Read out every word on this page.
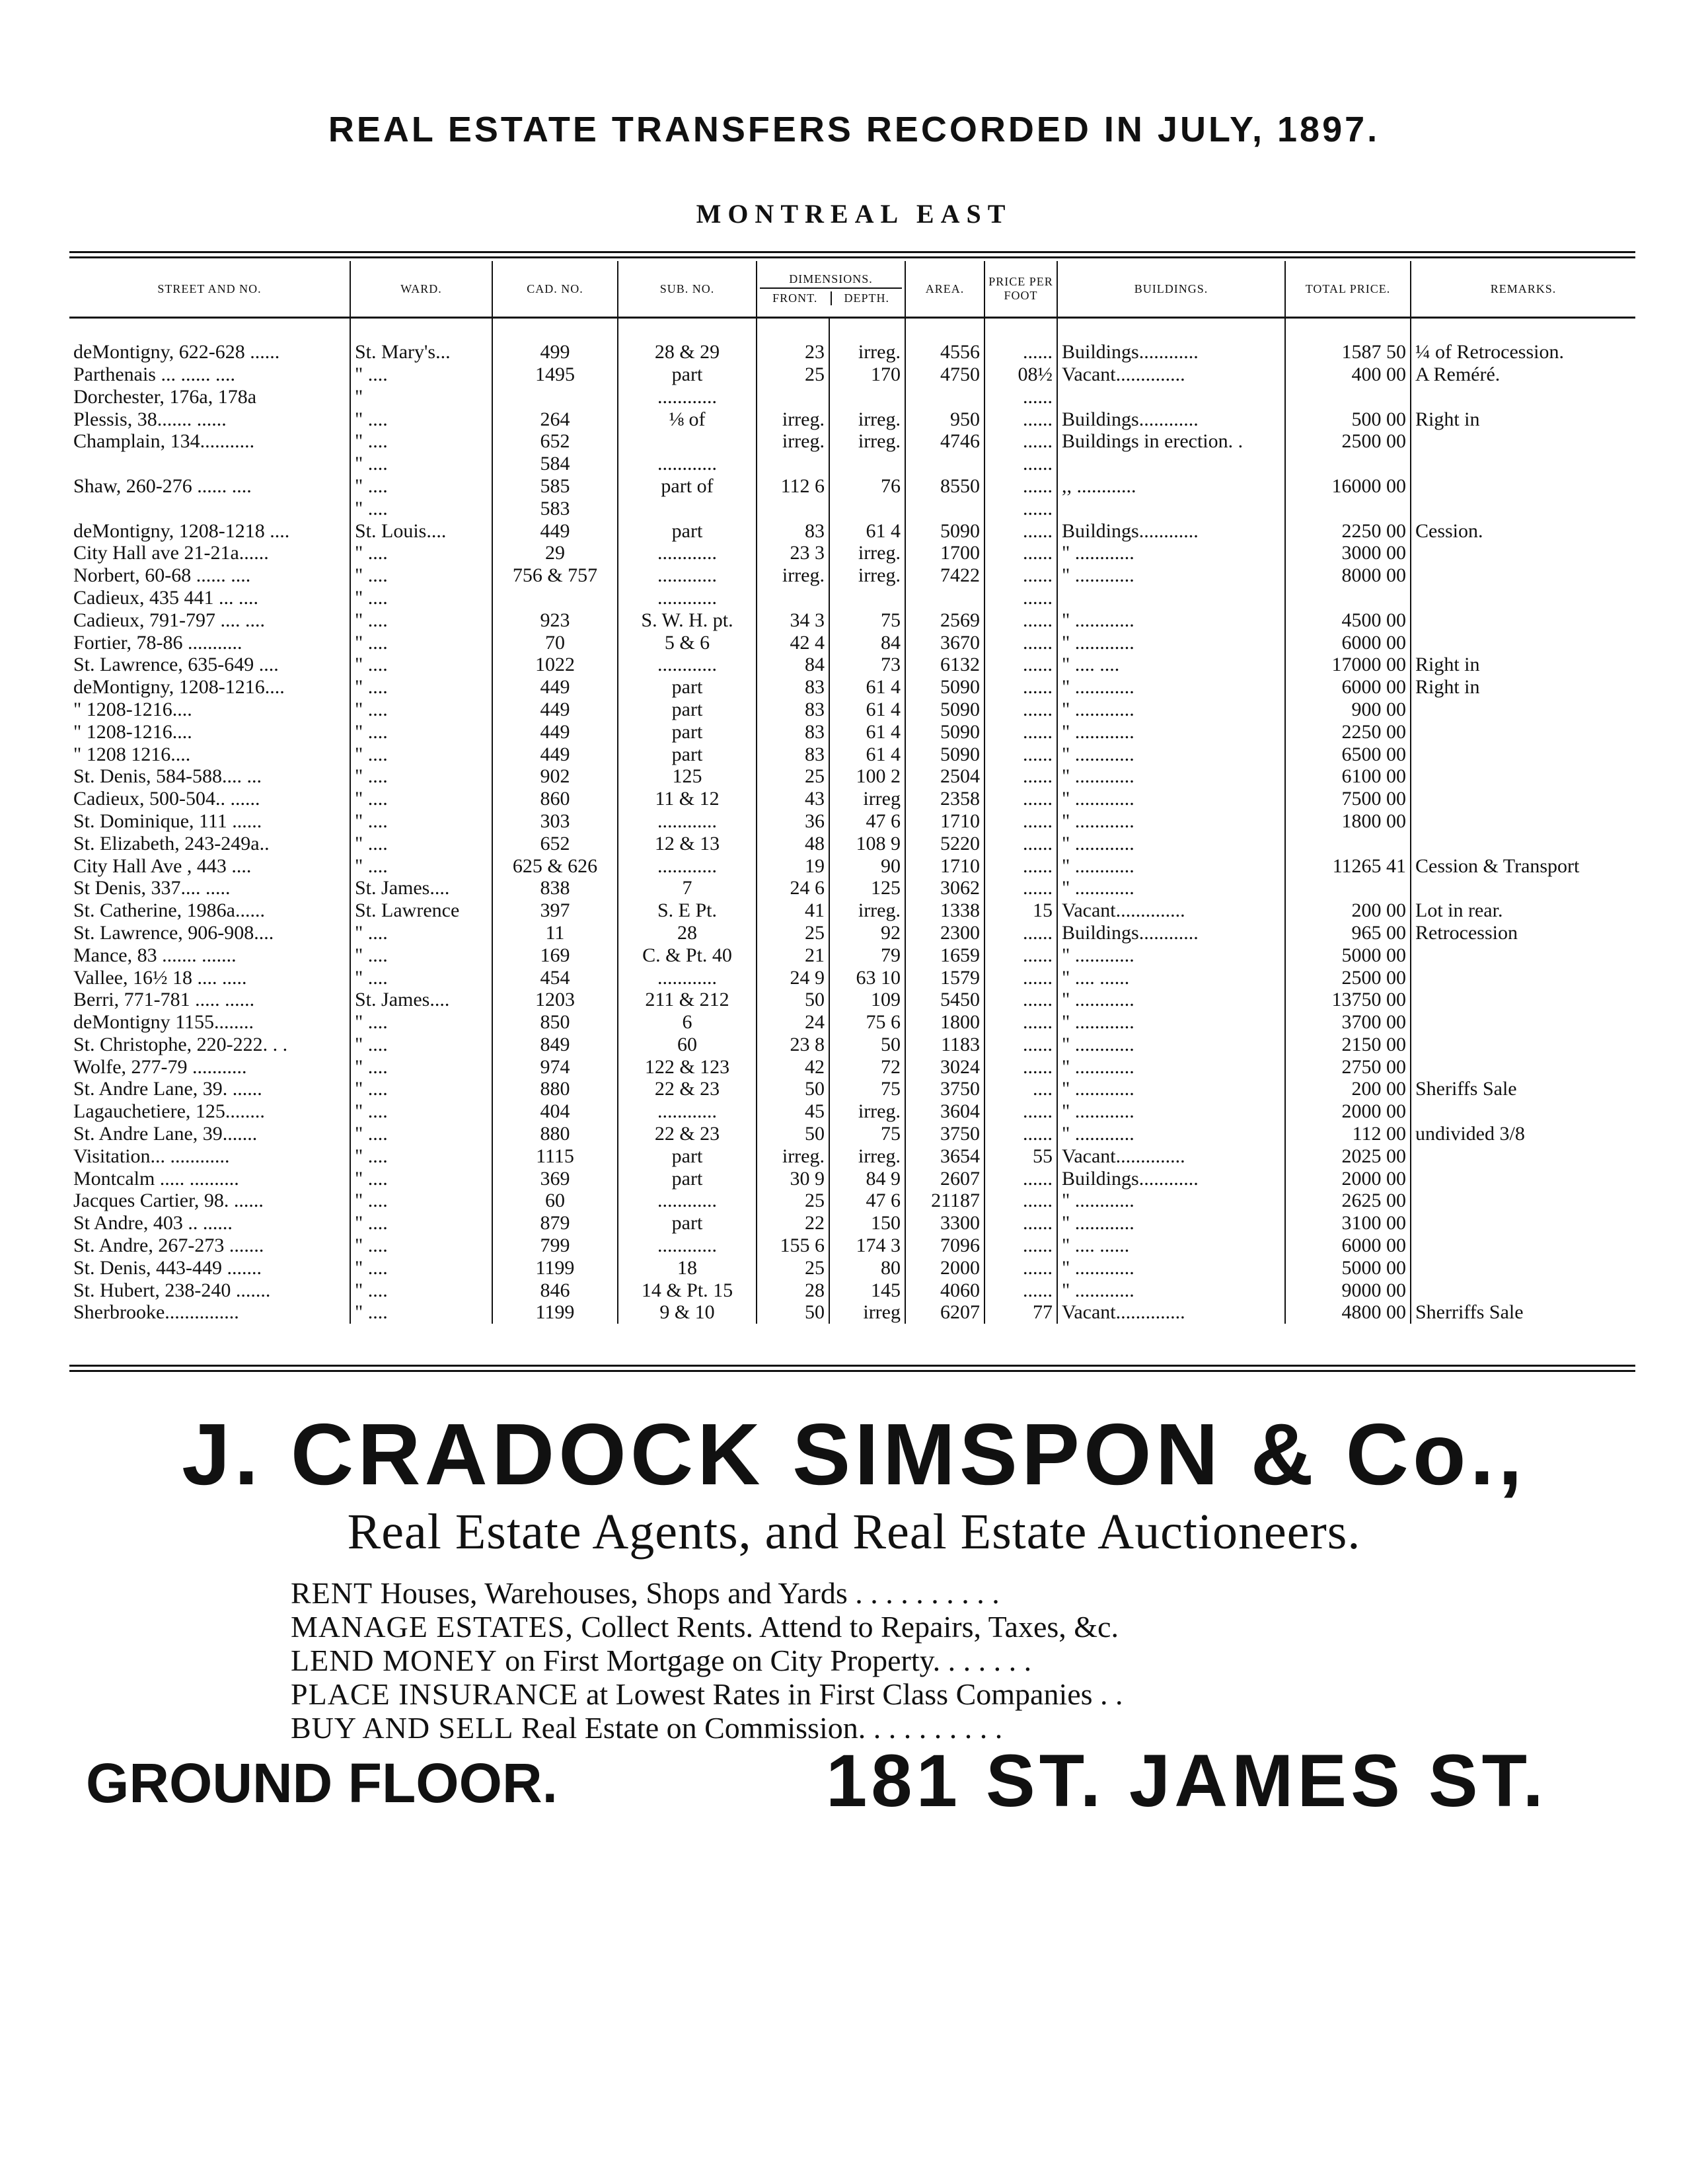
REAL ESTATE TRANSFERS RECORDED IN JULY, 1897.
MONTREAL EAST
STREET AND NO.	WARD.	CAD. NO.	SUB. NO.	DIMENSIONS.
FRONT. DEPTH.		AREA.	PRICE PER FOOT	BUILDINGS.	TOTAL PRICE.	REMARKS.

deMontigny, 622-628 ......	St. Mary's...	499	28 & 29	23	irreg.	4556	......	Buildings............	1587 50	¼ of Retrocession.
Parthenais ... ...... ....	" ....	1495	part	25	170	4750	08½	Vacant..............	400 00	A Reméré.
Dorchester, 176a, 178a	"		............				......			
Plessis, 38....... ......	" ....	264	⅛ of	irreg.	irreg.	950	......	Buildings............	500 00	Right in
Champlain, 134...........	" ....	652		irreg.	irreg.	4746	......	Buildings in erection. .	2500 00	
	" ....	584	............				......			
Shaw, 260-276 ...... ....	" ....	585	part of	112 6	76	8550	......	,, ............	16000 00	
	" ....	583					......			
deMontigny, 1208-1218 ....	St. Louis....	449	part	83	61 4	5090	......	Buildings............	2250 00	Cession.
City Hall ave 21-21a......	" ....	29	............	23 3	irreg.	1700	......	" ............	3000 00	
Norbert, 60-68 ...... ....	" ....	756 & 757	............	irreg.	irreg.	7422	......	" ............	8000 00	
Cadieux, 435 441 ... ....	" ....		............				......			
Cadieux, 791-797 .... ....	" ....	923	S. W. H. pt.	34 3	75	2569	......	" ............	4500 00	
Fortier, 78-86 ...........	" ....	70	5 & 6	42 4	84	3670	......	" ............	6000 00	
St. Lawrence, 635-649 ....	" ....	1022	............	84	73	6132	......	" .... ....	17000 00	Right in
deMontigny, 1208-1216....	" ....	449	part	83	61 4	5090	......	" ............	6000 00	Right in
" 1208-1216....	" ....	449	part	83	61 4	5090	......	" ............	900 00	
" 1208-1216....	" ....	449	part	83	61 4	5090	......	" ............	2250 00	
" 1208 1216....	" ....	449	part	83	61 4	5090	......	" ............	6500 00	
St. Denis, 584-588.... ...	" ....	902	125	25	100 2	2504	......	" ............	6100 00	
Cadieux, 500-504.. ......	" ....	860	11 & 12	43	irreg	2358	......	" ............	7500 00	
St. Dominique, 111 ......	" ....	303	............	36	47 6	1710	......	" ............	1800 00	
St. Elizabeth, 243-249a..	" ....	652	12 & 13	48	108 9	5220	......	" ............		
City Hall Ave , 443 ....	" ....	625 & 626	............	19	90	1710	......	" ............	11265 41	Cession & Transport
St Denis, 337.... .....	St. James....	838	7	24 6	125	3062	......	" ............		
St. Catherine, 1986a......	St. Lawrence	397	S. E Pt.	41	irreg.	1338	15	Vacant..............	200 00	Lot in rear.
St. Lawrence, 906-908....	" ....	11	28	25	92	2300	......	Buildings............	965 00	Retrocession
Mance, 83 ....... .......	" ....	169	C. & Pt. 40	21	79	1659	......	" ............	5000 00	
Vallee, 16½ 18 .... .....	" ....	454	............	24 9	63 10	1579	......	" .... ......	2500 00	
Berri, 771-781 ..... ......	St. James....	1203	211 & 212	50	109	5450	......	" ............	13750 00	
deMontigny 1155........	" ....	850	6	24	75 6	1800	......	" ............	3700 00	
St. Christophe, 220-222. . .	" ....	849	60	23 8	50	1183	......	" ............	2150 00	
Wolfe, 277-79 ...........	" ....	974	122 & 123	42	72	3024	......	" ............	2750 00	
St. Andre Lane, 39. ......	" ....	880	22 & 23	50	75	3750	....	" ............	200 00	Sheriffs Sale
Lagauchetiere, 125........	" ....	404	............	45	irreg.	3604	......	" ............	2000 00	
St. Andre Lane, 39.......	" ....	880	22 & 23	50	75	3750	......	" ............	112 00	undivided 3/8
Visitation... ............	" ....	1115	part	irreg.	irreg.	3654	55	Vacant..............	2025 00	
Montcalm ..... ..........	" ....	369	part	30 9	84 9	2607	......	Buildings............	2000 00	
Jacques Cartier, 98. ......	" ....	60	............	25	47 6	21187	......	" ............	2625 00	
St Andre, 403 .. ......	" ....	879	part	22	150	3300	......	" ............	3100 00	
St. Andre, 267-273 .......	" ....	799	............	155 6	174 3	7096	......	" .... ......	6000 00	
St. Denis, 443-449 .......	" ....	1199	18	25	80	2000	......	" ............	5000 00	
St. Hubert, 238-240 .......	" ....	846	14 & Pt. 15	28	145	4060	......	" ............	9000 00	
Sherbrooke...............	" ....	1199	9 & 10	50	irreg	6207	77	Vacant..............	4800 00	Sherriffs Sale
J. CRADOCK SIMSPON & Co.,
Real Estate Agents, and Real Estate Auctioneers.
RENT Houses, Warehouses, Shops and Yards . . . . . . . . . .
MANAGE ESTATES, Collect Rents. Attend to Repairs, Taxes, &c.
LEND MONEY on First Mortgage on City Property. . . . . . .
PLACE INSURANCE at Lowest Rates in First Class Companies . .
BUY AND SELL Real Estate on Commission. . . . . . . . . .
GROUND FLOOR.	181 ST. JAMES ST.
